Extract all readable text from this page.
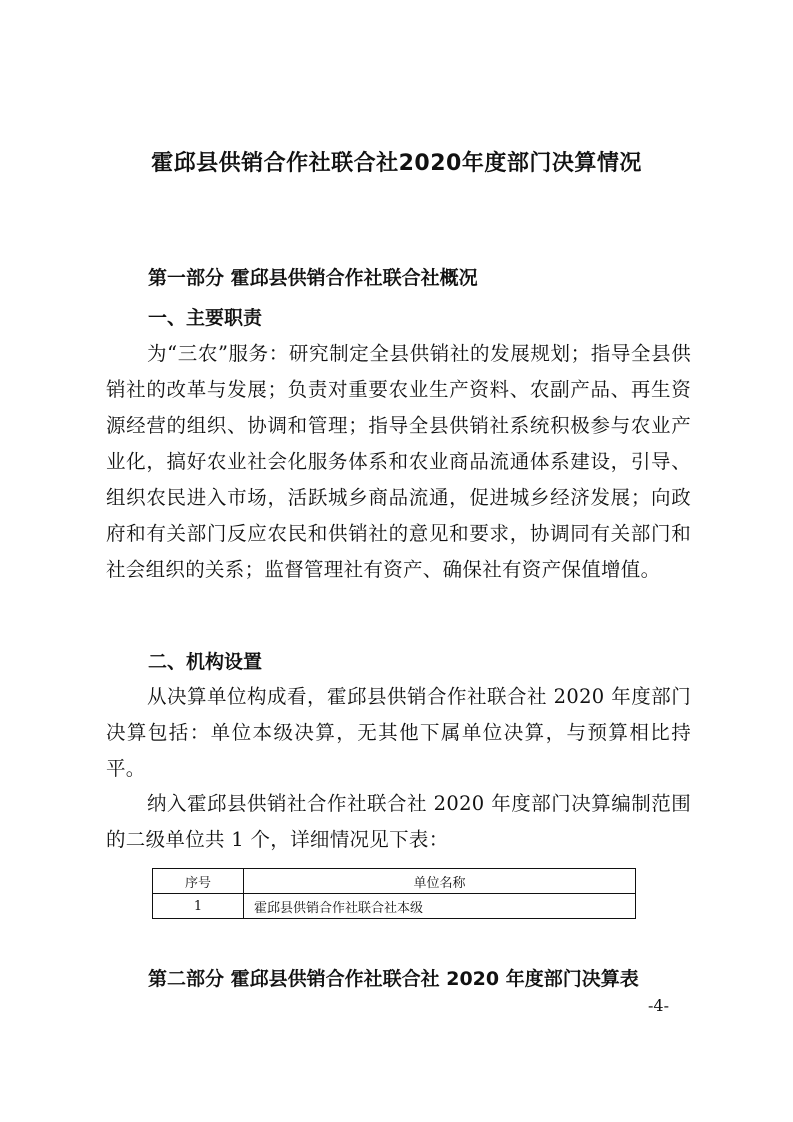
霍邱县供销合作社联合社2020年度部门决算情况
第一部分 霍邱县供销合作社联合社概况
一、主要职责
为“三农”服务：研究制定全县供销社的发展规划；指导全县供销社的改革与发展；负责对重要农业生产资料、农副产品、再生资源经营的组织、协调和管理；指导全县供销社系统积极参与农业产业化，搞好农业社会化服务体系和农业商品流通体系建设，引导、组织农民进入市场，活跃城乡商品流通，促进城乡经济发展；向政府和有关部门反应农民和供销社的意见和要求，协调同有关部门和社会组织的关系；监督管理社有资产、确保社有资产保值增值。
二、机构设置
从决算单位构成看，霍邱县供销合作社联合社 2020 年度部门决算包括：单位本级决算，无其他下属单位决算，与预算相比持平。
纳入霍邱县供销社合作社联合社 2020 年度部门决算编制范围的二级单位共 1 个，详细情况见下表：
序号	单位名称
1	霍邱县供销合作社联合社本级
第二部分 霍邱县供销合作社联合社 2020 年度部门决算表
-4-
